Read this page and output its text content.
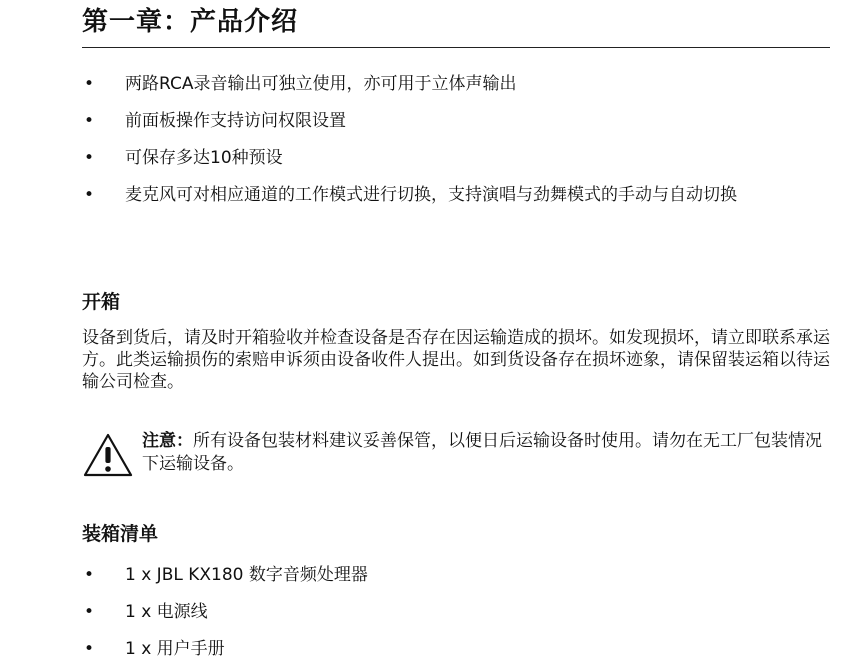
第一章：产品介绍
• 两路RCA录音输出可独立使用，亦可用于立体声输出
• 前面板操作支持访问权限设置
• 可保存多达10种预设
• 麦克风可对相应通道的工作模式进行切换，支持演唱与劲舞模式的手动与自动切换
开箱

设备到货后，请及时开箱验收并检查设备是否存在因运输造成的损坏。如发现损坏，请立即联系承运方。此类运输损伤的索赔申诉须由设备收件人提出。如到货设备存在损坏迹象，请保留装运箱以待运输公司检查。

注意：所有设备包装材料建议妥善保管，以便日后运输设备时使用。请勿在无工厂包装情况下运输设备。
装箱清单
• 1 x JBL KX180 数字音频处理器
• 1 x 电源线
• 1 x 用户手册
